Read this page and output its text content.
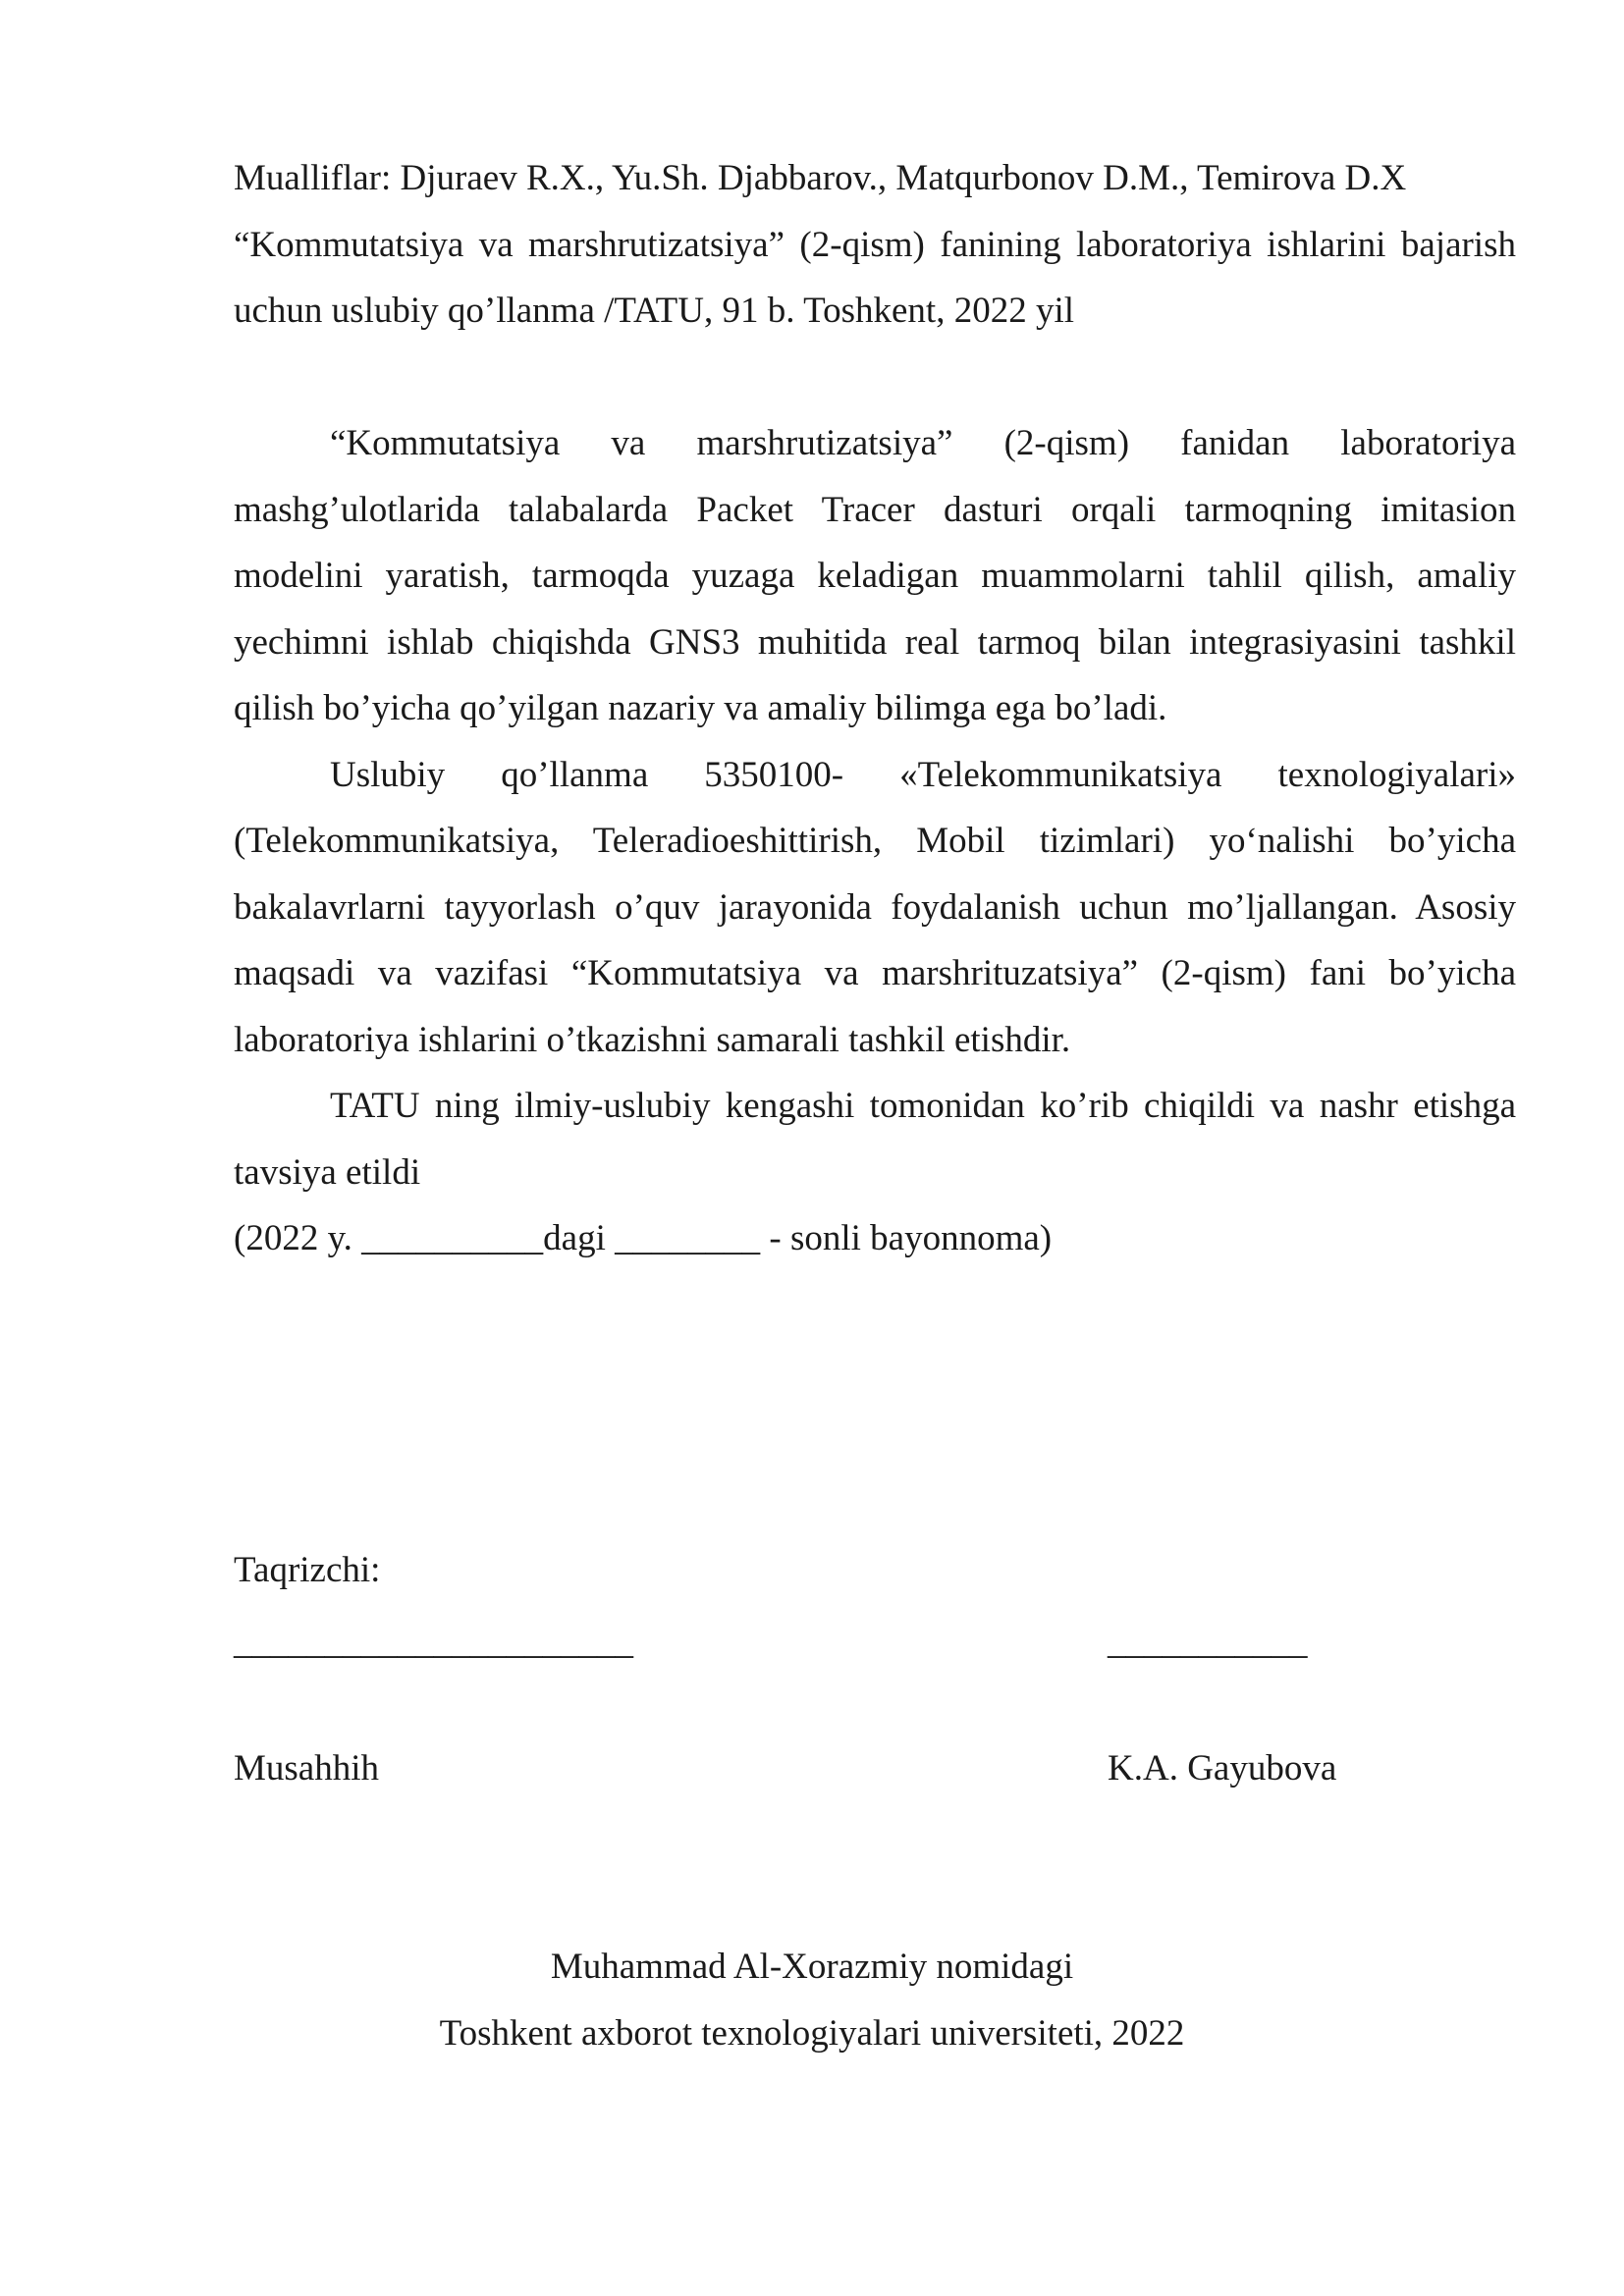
Mualliflar: Djuraev R.X., Yu.Sh. Djabbarov., Matqurbonov D.M., Temirova D.X

“Kommutatsiya va marshrutizatsiya” (2-qism) fanining laboratoriya ishlarini bajarish uchun uslubiy qo’llanma /TATU, 91 b. Toshkent, 2022 yil

“Kommutatsiya va marshrutizatsiya” (2-qism) fanidan laboratoriya mashg’ulotlarida talabalarda Packet Tracer dasturi orqali tarmoqning imitasion modelini yaratish, tarmoqda yuzaga keladigan muammolarni tahlil qilish, amaliy yechimni ishlab chiqishda GNS3 muhitida real tarmoq bilan integrasiyasini tashkil qilish bo’yicha qo’yilgan nazariy va amaliy bilimga ega bo’ladi.

Uslubiy qo’llanma 5350100- «Telekommunikatsiya texnologiyalari» (Telekommunikatsiya, Teleradioeshittirish, Mobil tizimlari) yo‘nalishi bo’yicha bakalavrlarni tayyorlash o’quv jarayonida foydalanish uchun mo’ljallangan. Asosiy maqsadi va vazifasi “Kommutatsiya va marshrituzatsiya” (2-qism) fani bo’yicha laboratoriya ishlarini o’tkazishni samarali tashkil etishdir.

TATU ning ilmiy-uslubiy kengashi tomonidan ko’rib chiqildi va nashr etishga tavsiya etildi

(2022 y. __________dagi ________ - sonli bayonnoma)

Taqrizchi:

______________________	___________

Musahhih	K.A. Gayubova

Muhammad Al-Xorazmiy nomidagi

Toshkent axborot texnologiyalari universiteti, 2022
